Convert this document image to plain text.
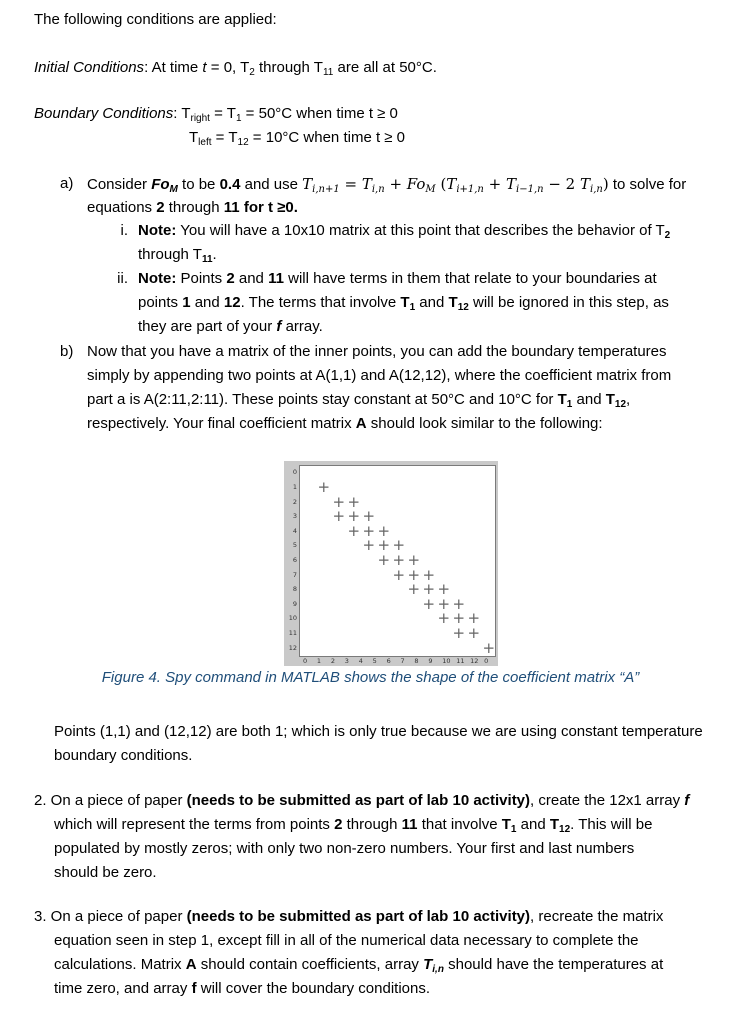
The following conditions are applied:
Initial Conditions: At time t = 0, $T_2$ through $T_{11}$ are all at 50°C.
Boundary Conditions: $T_{right} = T_1 = 50^\circ C$ when time t ≥ 0
$T_{left} = T_{12} = 10^\circ C$ when time t ≥ 0
a) Consider $Fo_M$ to be 0.4 and use $T_{i,n+1} = T_{i,n} + Fo_M$ ($T_{i+1,n} + T_{i-1,n} - 2$ $T_{i,n}$) to solve for
equations 2 through 11 for t ≥0.
i. Note: You will have a 10x10 matrix at this point that describes the behavior of $T_2$
through $T_{11}$.
ii. Note: Points 2 and 11 will have terms in them that relate to your boundaries at
points 1 and 12. The terms that involve $T_1$ and $T_{12}$ will be ignored in this step, as
they are part of your f array.
b) Now that you have a matrix of the inner points, you can add the boundary temperatures
simply by appending two points at A(1,1) and A(12,12), where the coefficient matrix from
part a is A(2:11,2:11). These points stay constant at 50°C and 10°C for $T_1$ and $T_{12}$,
respectively. Your final coefficient matrix A should look similar to the following:
+
+ +
+ + +
+ + +
+ + +
+ + +
+ + +
+ + +
+ + +
+ + +
+ +
+
0
1
2
3
4
5
6
7
8
9
10
11
12
0 1 2 3 4 5 6 7 8 9 10 11 12 0
Figure 4. Spy command in MATLAB shows the shape of the coefficient matrix “A”
Points (1,1) and (12,12) are both 1; which is only true because we are using constant temperature
boundary conditions.
2. On a piece of paper (needs to be submitted as part of lab 10 activity), create the 12x1 array f
which will represent the terms from points 2 through 11 that involve $T_1$ and $T_{12}$. This will be
populated by mostly zeros; with only two non-zero numbers. Your first and last numbers
should be zero.
3. On a piece of paper (needs to be submitted as part of lab 10 activity), recreate the matrix
equation seen in step 1, except fill in all of the numerical data necessary to complete the
calculations. Matrix A should contain coefficients, array $T_{i,n}$ should have the temperatures at
time zero, and array f will cover the boundary conditions.
